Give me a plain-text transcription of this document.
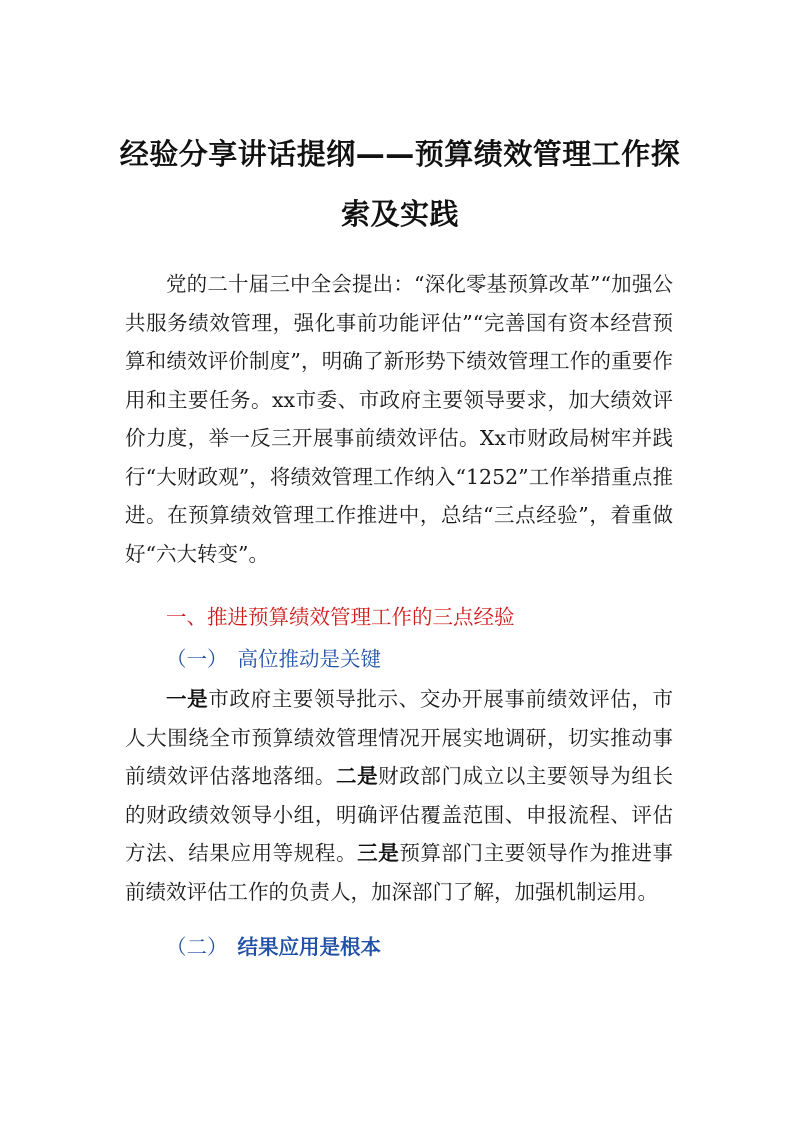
经验分享讲话提纲——预算绩效管理工作探
索及实践

党的二十届三中全会提出：“深化零基预算改革”“加强公共服务绩效管理，强化事前功能评估”“完善国有资本经营预算和绩效评价制度”，明确了新形势下绩效管理工作的重要作用和主要任务。xx市委、市政府主要领导要求，加大绩效评价力度，举一反三开展事前绩效评估。Xx市财政局树牢并践行“大财政观”，将绩效管理工作纳入“1252”工作举措重点推进。在预算绩效管理工作推进中，总结“三点经验”，着重做好“六大转变”。

一、推进预算绩效管理工作的三点经验

（一） 高位推动是关键

一是市政府主要领导批示、交办开展事前绩效评估，市人大围绕全市预算绩效管理情况开展实地调研，切实推动事前绩效评估落地落细。二是财政部门成立以主要领导为组长的财政绩效领导小组，明确评估覆盖范围、申报流程、评估方法、结果应用等规程。三是预算部门主要领导作为推进事前绩效评估工作的负责人，加深部门了解，加强机制运用。

（二） 结果应用是根本
